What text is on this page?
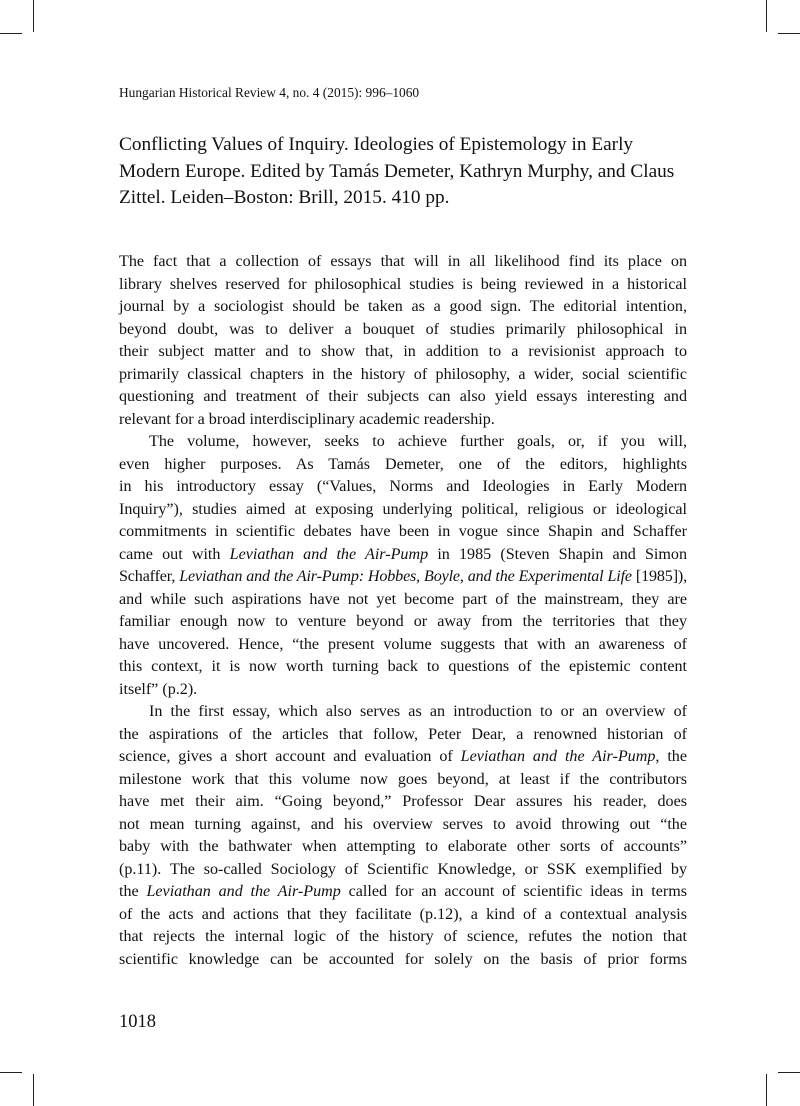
Hungarian Historical Review 4, no. 4 (2015): 996–1060
Conflicting Values of Inquiry. Ideologies of Epistemology in Early
Modern Europe. Edited by Tamás Demeter, Kathryn Murphy, and Claus
Zittel. Leiden–Boston: Brill, 2015. 410 pp.

The fact that a collection of essays that will in all likelihood find its place on
library shelves reserved for philosophical studies is being reviewed in a historical
journal by a sociologist should be taken as a good sign. The editorial intention,
beyond doubt, was to deliver a bouquet of studies primarily philosophical in
their subject matter and to show that, in addition to a revisionist approach to
primarily classical chapters in the history of philosophy, a wider, social scientific
questioning and treatment of their subjects can also yield essays interesting and
relevant for a broad interdisciplinary academic readership.

The volume, however, seeks to achieve further goals, or, if you will,
even higher purposes. As Tamás Demeter, one of the editors, highlights
in his introductory essay (“Values, Norms and Ideologies in Early Modern
Inquiry”), studies aimed at exposing underlying political, religious or ideological
commitments in scientific debates have been in vogue since Shapin and Schaffer
came out with Leviathan and the Air-Pump in 1985 (Steven Shapin and Simon
Schaffer, Leviathan and the Air-Pump: Hobbes, Boyle, and the Experimental Life [1985]),
and while such aspirations have not yet become part of the mainstream, they are
familiar enough now to venture beyond or away from the territories that they
have uncovered. Hence, “the present volume suggests that with an awareness of
this context, it is now worth turning back to questions of the epistemic content
itself” (p.2).

In the first essay, which also serves as an introduction to or an overview of
the aspirations of the articles that follow, Peter Dear, a renowned historian of
science, gives a short account and evaluation of Leviathan and the Air-Pump, the
milestone work that this volume now goes beyond, at least if the contributors
have met their aim. “Going beyond,” Professor Dear assures his reader, does
not mean turning against, and his overview serves to avoid throwing out “the
baby with the bathwater when attempting to elaborate other sorts of accounts”
(p.11). The so-called Sociology of Scientific Knowledge, or SSK exemplified by
the Leviathan and the Air-Pump called for an account of scientific ideas in terms
of the acts and actions that they facilitate (p.12), a kind of a contextual analysis
that rejects the internal logic of the history of science, refutes the notion that
scientific knowledge can be accounted for solely on the basis of prior forms

1018
